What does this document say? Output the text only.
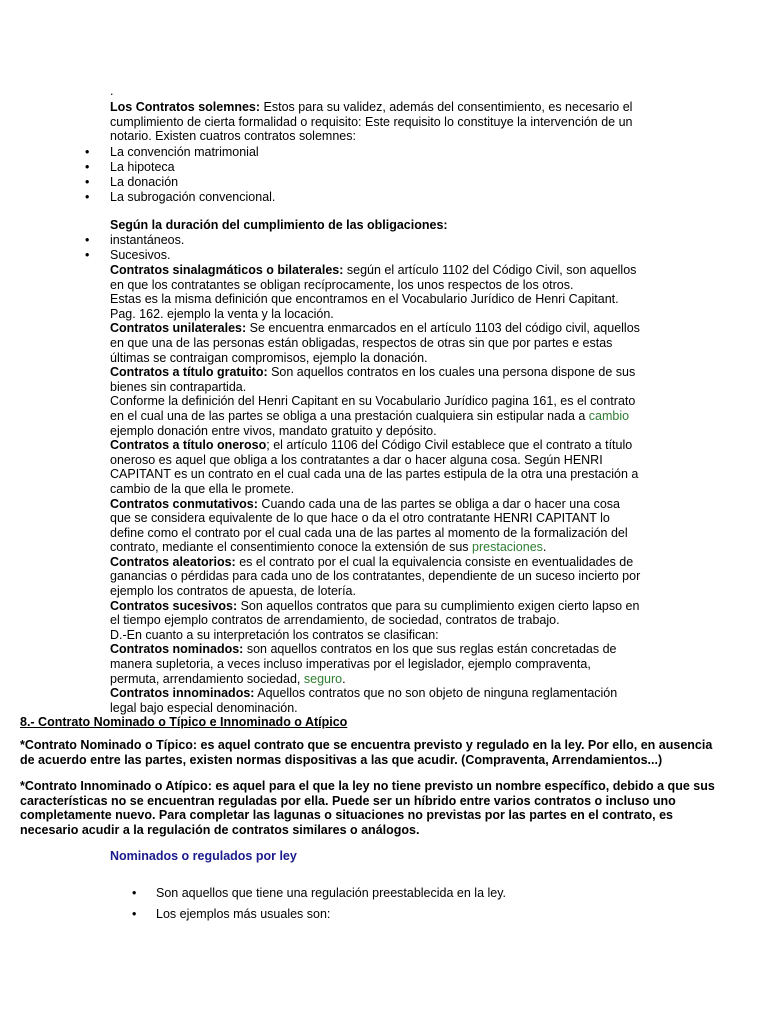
.
Los Contratos solemnes: Estos para su validez, además del consentimiento, es necesario el
cumplimiento de cierta formalidad o requisito: Este requisito lo constituye la intervención de un
notario. Existen cuatros contratos solemnes:
• La convención matrimonial
• La hipoteca
• La donación
• La subrogación convencional.
Según la duración del cumplimiento de las obligaciones:
• instantáneos.
• Sucesivos.
Contratos sinalagmáticos o bilaterales: según el artículo 1102 del Código Civil, son aquellos
en que los contratantes se obligan recíprocamente, los unos respectos de los otros.
Estas es la misma definición que encontramos en el Vocabulario Jurídico de Henri Capitant.
Pag. 162. ejemplo la venta y la locación.
Contratos unilaterales: Se encuentra enmarcados en el artículo 1103 del código civil, aquellos
en que una de las personas están obligadas, respectos de otras sin que por partes e estas
últimas se contraigan compromisos, ejemplo la donación.
Contratos a título gratuito: Son aquellos contratos en los cuales una persona dispone de sus
bienes sin contrapartida.
Conforme la definición del Henri Capitant en su Vocabulario Jurídico pagina 161, es el contrato
en el cual una de las partes se obliga a una prestación cualquiera sin estipular nada a cambio
ejemplo donación entre vivos, mandato gratuito y depósito.
Contratos a título oneroso; el artículo 1106 del Código Civil establece que el contrato a título
oneroso es aquel que obliga a los contratantes a dar o hacer alguna cosa. Según HENRI
CAPITANT es un contrato en el cual cada una de las partes estipula de la otra una prestación a
cambio de la que ella le promete.
Contratos conmutativos: Cuando cada una de las partes se obliga a dar o hacer una cosa
que se considera equivalente de lo que hace o da el otro contratante HENRI CAPITANT lo
define como el contrato por el cual cada una de las partes al momento de la formalización del
contrato, mediante el consentimiento conoce la extensión de sus prestaciones.
Contratos aleatorios: es el contrato por el cual la equivalencia consiste en eventualidades de
ganancias o pérdidas para cada uno de los contratantes, dependiente de un suceso incierto por
ejemplo los contratos de apuesta, de lotería.
Contratos sucesivos: Son aquellos contratos que para su cumplimiento exigen cierto lapso en
el tiempo ejemplo contratos de arrendamiento, de sociedad, contratos de trabajo.
D.-En cuanto a su interpretación los contratos se clasifican:
Contratos nominados: son aquellos contratos en los que sus reglas están concretadas de
manera supletoria, a veces incluso imperativas por el legislador, ejemplo compraventa,
permuta, arrendamiento sociedad, seguro.
Contratos innominados: Aquellos contratos que no son objeto de ninguna reglamentación
legal bajo especial denominación.
8.- Contrato Nominado o Típico e Innominado o Atípico
*Contrato Nominado o Típico: es aquel contrato que se encuentra previsto y regulado en la ley. Por ello, en ausencia
de acuerdo entre las partes, existen normas dispositivas a las que acudir. (Compraventa, Arrendamientos...)
*Contrato Innominado o Atípico: es aquel para el que la ley no tiene previsto un nombre específico, debido a que sus
características no se encuentran reguladas por ella. Puede ser un híbrido entre varios contratos o incluso uno
completamente nuevo. Para completar las lagunas o situaciones no previstas por las partes en el contrato, es
necesario acudir a la regulación de contratos similares o análogos.
Nominados o regulados por ley
• Son aquellos que tiene una regulación preestablecida en la ley.
• Los ejemplos más usuales son:
